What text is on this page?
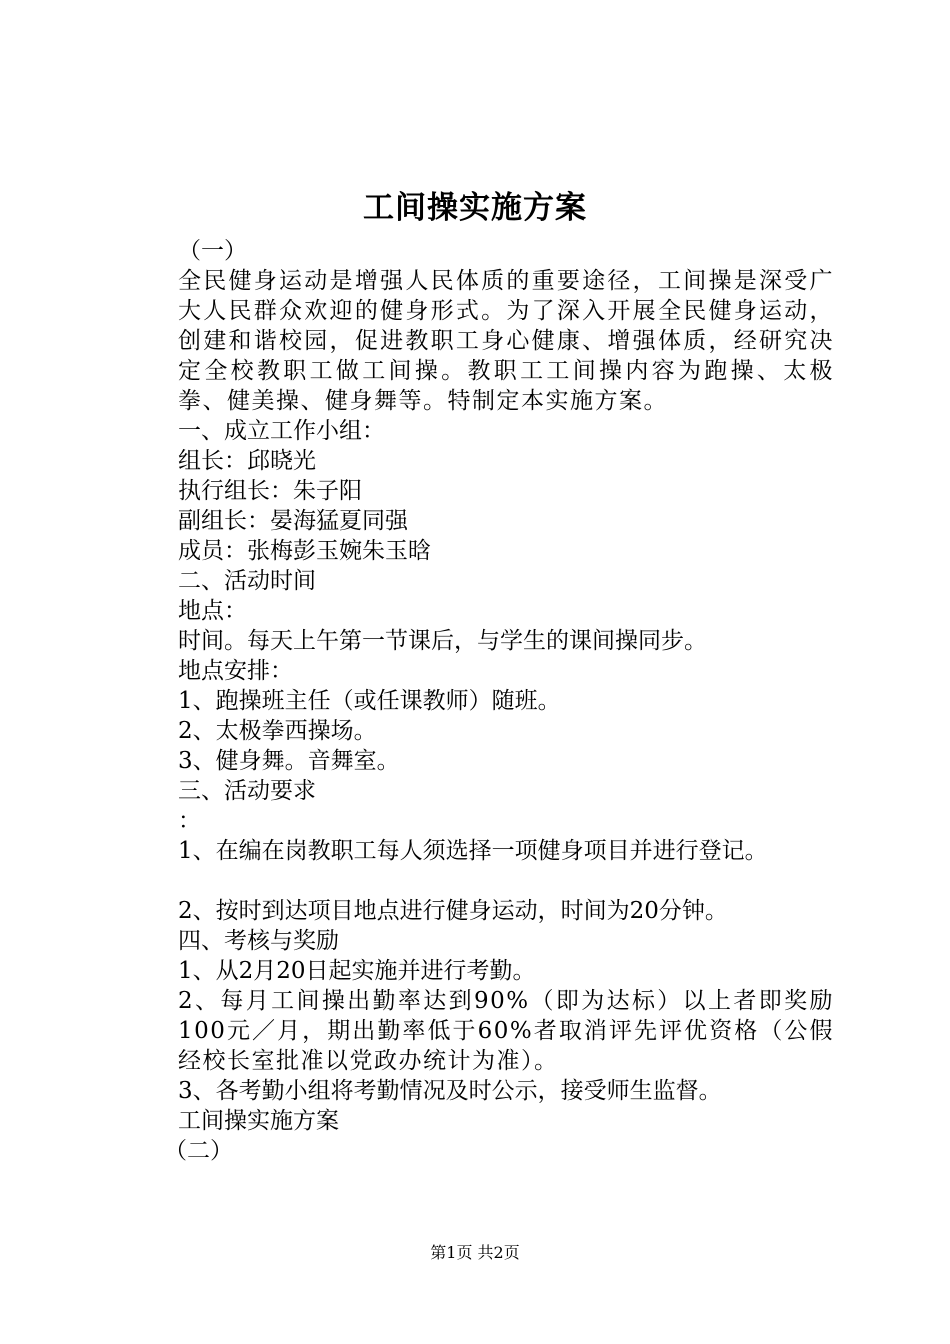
工间操实施方案
（一）
全民健身运动是增强人民体质的重要途径，工间操是深受广大人民群众欢迎的健身形式。为了深入开展全民健身运动，创建和谐校园，促进教职工身心健康、增强体质，经研究决定全校教职工做工间操。教职工工间操内容为跑操、太极拳、健美操、健身舞等。特制定本实施方案。
一、成立工作小组：
组长：邱晓光
执行组长：朱子阳
副组长：晏海猛夏同强
成员：张梅彭玉婉朱玉晗
二、活动时间
地点：
时间。每天上午第一节课后，与学生的课间操同步。
地点安排：
1、跑操班主任（或任课教师）随班。
2、太极拳西操场。
3、健身舞。音舞室。
三、活动要求
：
1、在编在岗教职工每人须选择一项健身项目并进行登记。
2、按时到达项目地点进行健身运动，时间为20分钟。
四、考核与奖励
1、从2月20日起实施并进行考勤。
2、每月工间操出勤率达到90%（即为达标）以上者即奖励100元／月，期出勤率低于60%者取消评先评优资格（公假经校长室批准以党政办统计为准）。
3、各考勤小组将考勤情况及时公示，接受师生监督。
工间操实施方案
（二）
第1页 共2页
